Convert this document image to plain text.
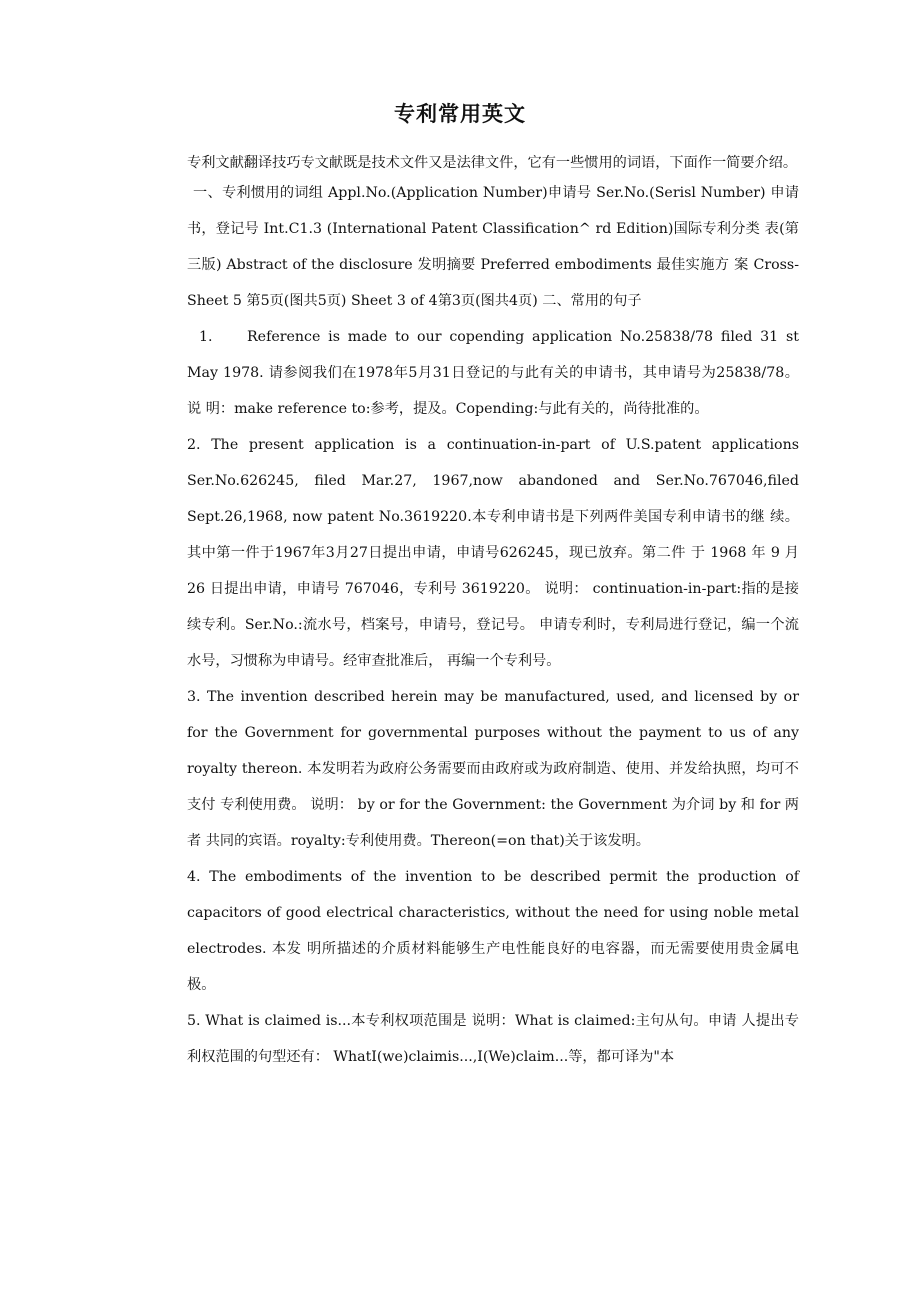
专利常用英文

专利文献翻译技巧专文献既是技术文件又是法律文件，它有一些惯用的词语，下面作一简要介绍。

一、专利惯用的词组 Appl.No.(Application Number)申请号 Ser.No.(Serisl Number) 申请书，登记号 Int.C1.3 (International Patent Classification^ rd Edition)国际专利分类 表(第三版) Abstract of the disclosure 发明摘要 Preferred embodiments 最佳实施方 案 Cross-Sheet 5 第5页(图共5页) Sheet 3 of 4第3页(图共4页) 二、常用的句子

1. Reference is made to our copending application No.25838/78 filed 31 st May 1978. 请参阅我们在1978年5月31日登记的与此有关的申请书，其申请号为25838/78。 说 明：make reference to:参考，提及。Copending:与此有关的，尚待批准的。

2. The present application is a continuation-in-part of U.S.patent applications Ser.No.626245, filed Mar.27, 1967,now abandoned and Ser.No.767046,filed Sept.26,1968, now patent No.3619220.本专利申请书是下列两件美国专利申请书的继 续。其中第一件于1967年3月27日提出申请，申请号626245，现已放弃。第二件 于 1968 年 9 月 26 日提出申请，申请号 767046，专利号 3619220。 说明： continuation-in-part:指的是接续专利。Ser.No.:流水号，档案号，申请号，登记号。 申请专利时，专利局进行登记，编一个流水号，习惯称为申请号。经审查批准后， 再编一个专利号。

3. The invention described herein may be manufactured, used, and licensed by or for the Government for governmental purposes without the payment to us of any royalty thereon. 本发明若为政府公务需要而由政府或为政府制造、使用、并发给执照，均可不支付 专利使用费。 说明： by or for the Government: the Government 为介词 by 和 for 两者 共同的宾语。royalty:专利使用费。Thereon(=on that)关于该发明。

4. The embodiments of the invention to be described permit the production of capacitors of good electrical characteristics, without the need for using noble metal electrodes. 本发 明所描述的介质材料能够生产电性能良好的电容器，而无需要使用贵金属电极。

5. What is claimed is...本专利权项范围是 说明：What is claimed:主句从句。申请 人提出专利权范围的句型还有： WhatI(we)claimis...,I(We)claim...等，都可译为"本
